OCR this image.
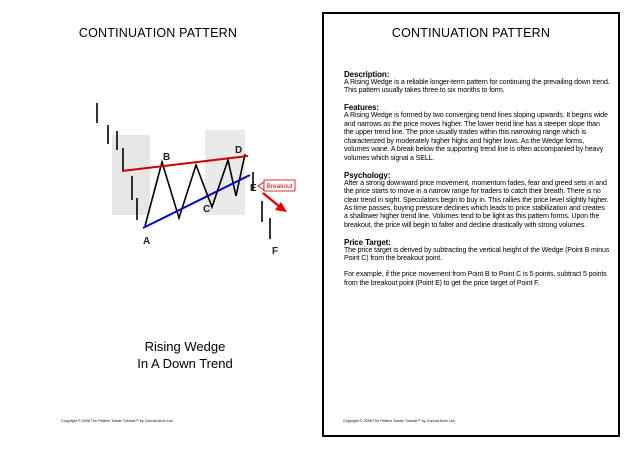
CONTINUATION PATTERN
Breakout
A
B
C
D
E
F
Rising Wedge
In A Down Trend
Copyright © 2008 The Pattern Trader Tutorial™ by Conrad Alvin Lim
CONTINUATION PATTERN
Description:

A Rising Wedge is a reliable longer-term pattern for continuing the prevailing down trend. This pattern usually takes three to six months to form.

Features:

A Rising Wedge is formed by two converging trend lines sloping upwards. It begins wide and narrows as the price moves higher. The lower trend line has a steeper slope than the upper trend line. The price usually trades within this narrowing range which is characterized by moderately higher highs and higher lows. As the Wedge forms, volumes wane. A break below the supporting trend line is often accompanied by heavy volumes which signal a SELL.

Psychology:

After a strong downward price movement, momentum fades, fear and greed sets in and the price starts to move in a narrow range for traders to catch their breath. There is no clear trend in sight. Speculators begin to buy in. This rallies the price level slightly higher. As time passes, buying pressure declines which leads to price stabilization and creates a shallower higher trend line. Volumes tend to be light as this pattern forms. Upon the breakout, the price will begin to falter and decline drastically with strong volumes.

Price Target:

The price target is derived by subtracting the vertical height of the Wedge (Point B minus Point C) from the breakout point.

For example, if the price movement from Point B to Point C is 5 points, subtract 5 points from the breakout point (Point E) to get the price target of Point F.

Copyright © 2008 The Pattern Trader Tutorial™ by Conrad Alvin Lim
